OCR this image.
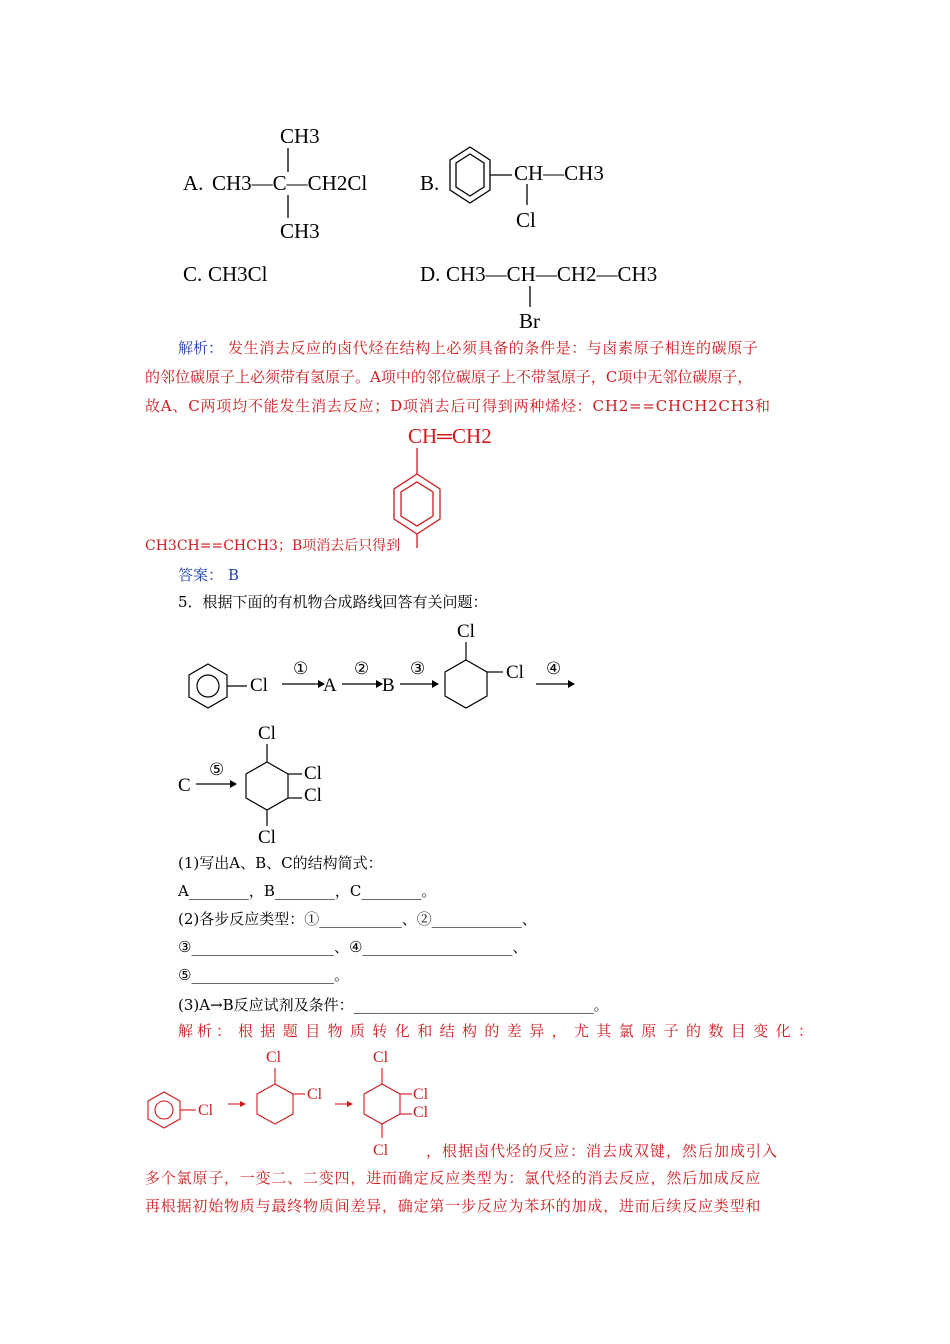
A. CH3—C—CH2Cl
CH3
CH3
B.	CH—CH3
Cl
C. CH3Cl	D. CH3—CH—CH2—CH3
Br
解析： 发生消去反应的卤代烃在结构上必须具备的条件是：与卤素原子相连的碳原子
的邻位碳原子上必须带有氢原子。A项中的邻位碳原子上不带氢原子，C项中无邻位碳原子，
故A、C两项均不能发生消去反应；D项消去后可得到两种烯烃：CH2==CHCH2CH3和
CH═CH2
CH3CH==CHCH3；B项消去后只得到
答案： B
5．根据下面的有机物合成路线回答有关问题：
Cl
①
A
②
B
③
Cl
Cl ④
C
⑤
Cl
Cl
Cl
Cl
(1)写出A、B、C的结构简式：
A________，B________，C________。
(2)各步反应类型：①___________、②____________、
③___________________、④____________________、
⑤___________________。
(3)A→B反应试剂及条件：________________________________。
解析： 根据题目物质转化和结构的差异，尤其氯原子的数目变化：
Cl
Cl
Cl
Cl
Cl
Cl
Cl	，根据卤代烃的反应：消去成双键，然后加成引入
多个氯原子，一变二、二变四，进而确定反应类型为：氯代烃的消去反应，然后加成反应
再根据初始物质与最终物质间差异，确定第一步反应为苯环的加成，进而后续反应类型和
